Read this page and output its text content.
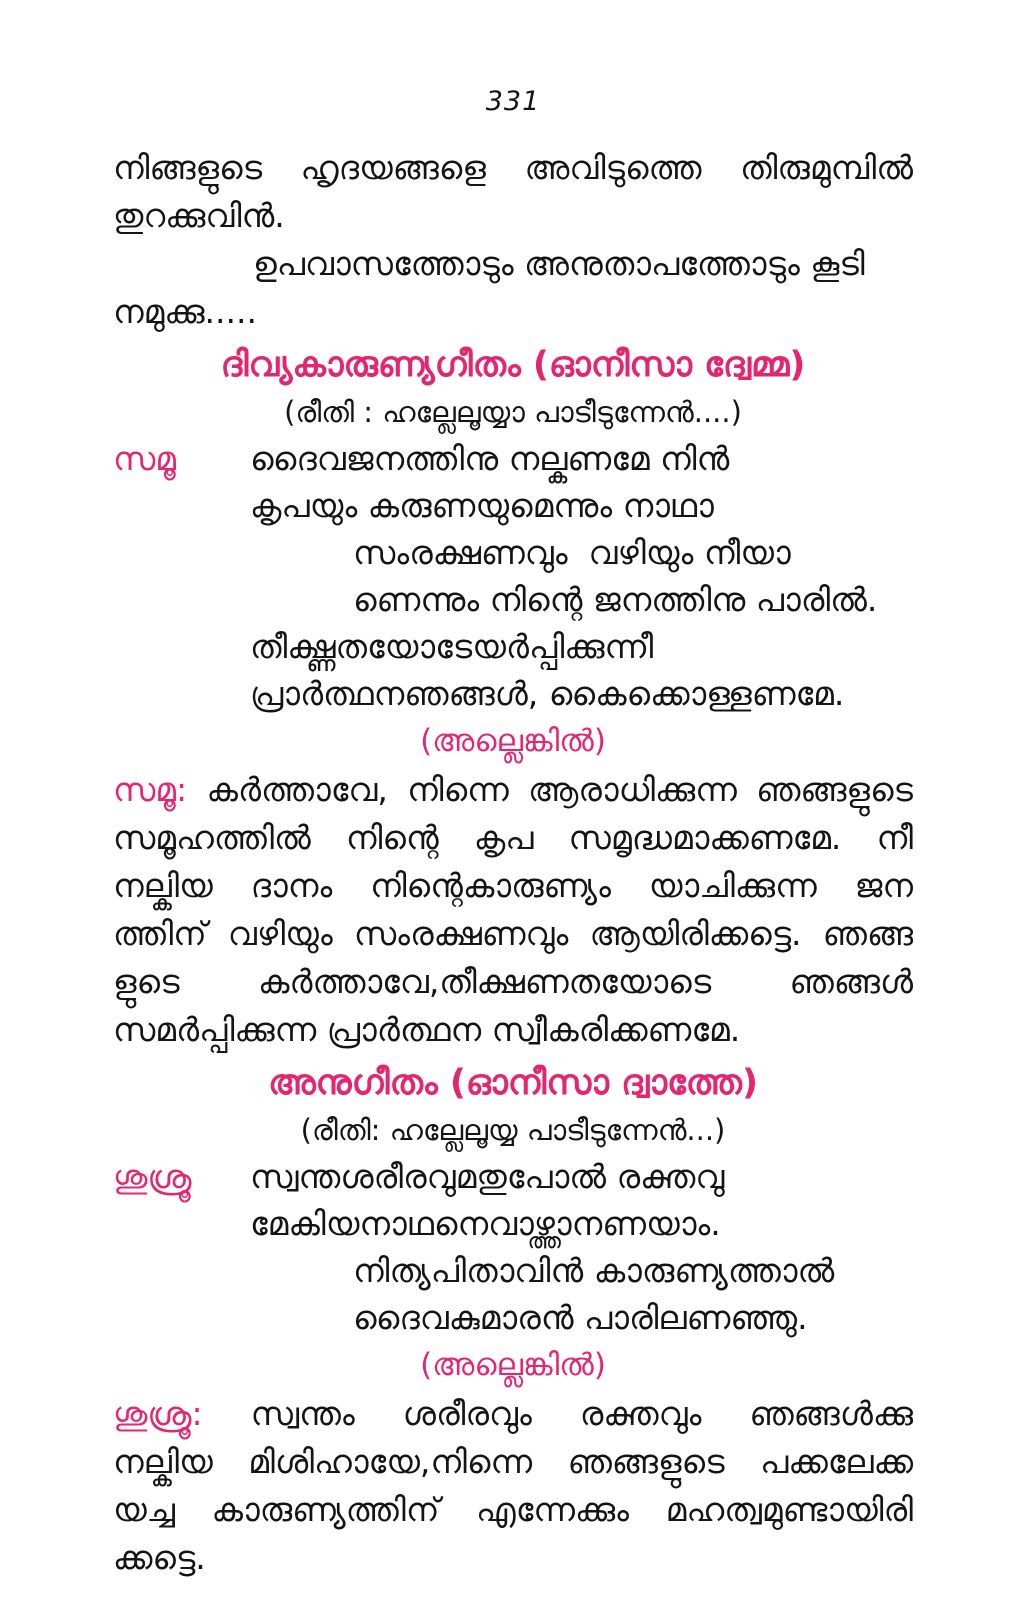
331
നിങ്ങളുടെ ഹൃദയങ്ങളെ അവിടുത്തെ തിരുമുമ്പിൽ
തുറക്കുവിൻ.
ഉപവാസത്തോടും അനുതാപത്തോടും കൂടി
നമുക്കു.....
ദിവ്യകാരുണ്യഗീതം (ഓനീസാ ദ്വേമ്മ)
(രീതി : ഹല്ലേലൂയ്യാ പാടീടുന്നേൻ....)
സമൂ ദൈവജനത്തിനു നല്കണമേ നിൻ
കൃപയും കരുണയുമെന്നും നാഥാ
സംരക്ഷണവും  വഴിയും നീയാ
ണെന്നും നിന്റെ ജനത്തിനു പാരിൽ.
തീക്ഷ്ണതയോടേയർപ്പിക്കുന്നീ
പ്രാർത്ഥനഞങ്ങൾ, കൈക്കൊള്ളണമേ.
(അല്ലെങ്കിൽ)
സമൂ: കർത്താവേ, നിന്നെ ആരാധിക്കുന്ന ഞങ്ങളുടെ
സമൂഹത്തിൽ നിന്റെ കൃപ സമൃദ്ധമാക്കണമേ. നീ
നല്കിയ ദാനം നിന്റെകാരുണ്യം യാചിക്കുന്ന ജന
ത്തിന് വഴിയും സംരക്ഷണവും ആയിരിക്കട്ടെ. ഞങ്ങ
ളുടെ കർത്താവേ,തീക്ഷണതയോടെ ഞങ്ങൾ
സമർപ്പിക്കുന്ന പ്രാർത്ഥന സ്വീകരിക്കണമേ.
അനുഗീതം (ഓനീസാ ദ്വാത്തേ)
(രീതി: ഹല്ലേലൂയ്യ പാടീടുന്നേൻ...)
ശുശ്രൂ സ്വന്തശരീരവുമതുപോൽ രക്തവു
മേകിയനാഥനെവാഴ്ത്താനണയാം.
നിത്യപിതാവിൻ കാരുണ്യത്താൽ
ദൈവകുമാരൻ പാരിലണഞ്ഞു.
(അല്ലെങ്കിൽ)
ശുശ്രൂ: സ്വന്തം ശരീരവും രക്തവും ഞങ്ങൾക്കു
നല്കിയ മിശിഹായേ,നിന്നെ ഞങ്ങളുടെ പക്കലേക്ക
യച്ച കാരുണ്യത്തിന് എന്നേക്കും മഹത്വമുണ്ടായിരി
ക്കട്ടെ.
